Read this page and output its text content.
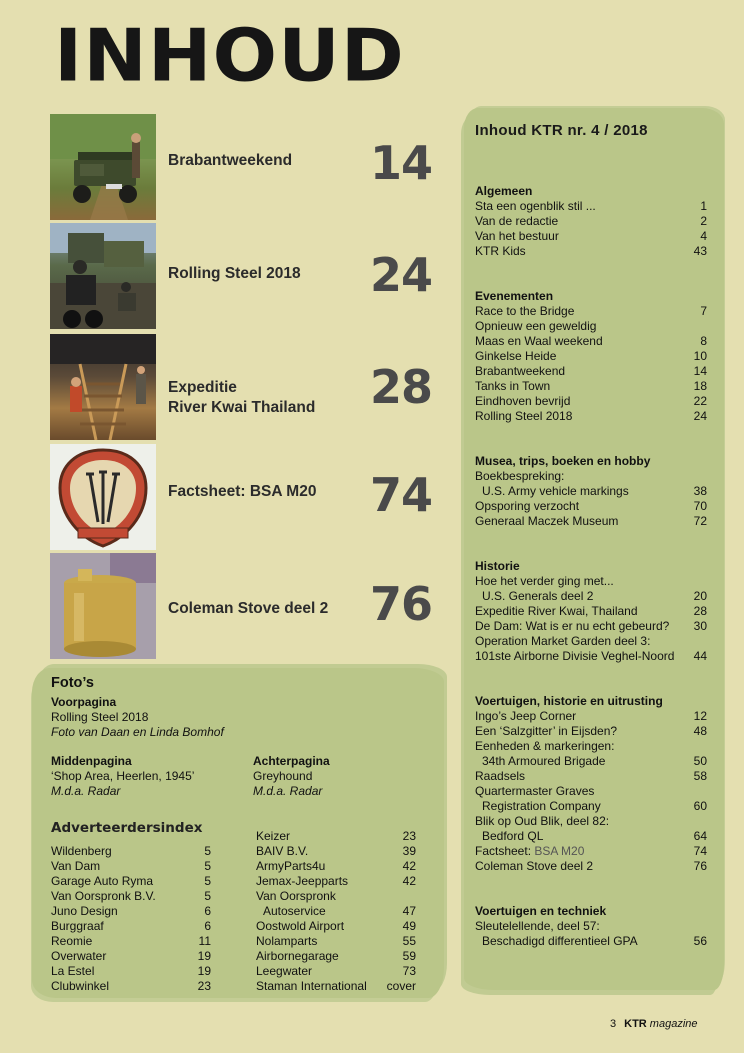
INHOUD
Brabantweekend 14
Rolling Steel 2018 24
Expeditie
River Kwai Thailand 28
Factsheet: BSA M20 74
Coleman Stove deel 2 76
Inhoud KTR nr. 4 / 2018
Algemeen
Sta een ogenblik stil ...	1
Van de redactie	2
Van het bestuur	4
KTR Kids	43
Evenementen
Race to the Bridge	7
Opnieuw een geweldig
Maas en Waal weekend	8
Ginkelse Heide	10
Brabantweekend	14
Tanks in Town	18
Eindhoven bevrijd	22
Rolling Steel 2018	24
Musea, trips, boeken en hobby
Boekbespreking:
U.S. Army vehicle markings	38
Opsporing verzocht	70
Generaal Maczek Museum	72
Historie
Hoe het verder ging met...
U.S. Generals deel 2	20
Expeditie River Kwai, Thailand	28
De Dam: Wat is er nu echt gebeurd? 30
Operation Market Garden deel 3:
101ste Airborne Divisie Veghel-Noord 44
Voertuigen, historie en uitrusting
Ingo’s Jeep Corner	12
Een ‘Salzgitter’ in Eijsden?	48
Eenheden & markeringen:
34th Armoured Brigade	50
Raadsels	58
Quartermaster Graves
Registration Company	60
Blik op Oud Blik, deel 82:
Bedford QL	64
Factsheet: BSA M20	74
Coleman Stove deel 2	76
Voertuigen en techniek
Sleutelellende, deel 57:
Beschadigd differentieel GPA	56
Foto’s
Voorpagina
Rolling Steel 2018
Foto van Daan en Linda Bomhof
Middenpagina
‘Shop Area, Heerlen, 1945’
M.d.a. Radar
Achterpagina
Greyhound
M.d.a. Radar
Adverteerdersindex
Wildenberg	5
Van Dam	5
Garage Auto Ryma	5
Van Oorspronk B.V.	5
Juno Design	6
Burggraaf	6
Reomie	11
Overwater	19
La Estel	19
Clubwinkel	23
Keizer	23
BAIV B.V.	39
ArmyParts4u	42
Jemax-Jeepparts	42
Van Oorspronk
Autoservice	47
Oostwold Airport	49
Nolamparts	55
Airbornegarage	59
Leegwater	73
Staman International cover
3 KTR magazine
